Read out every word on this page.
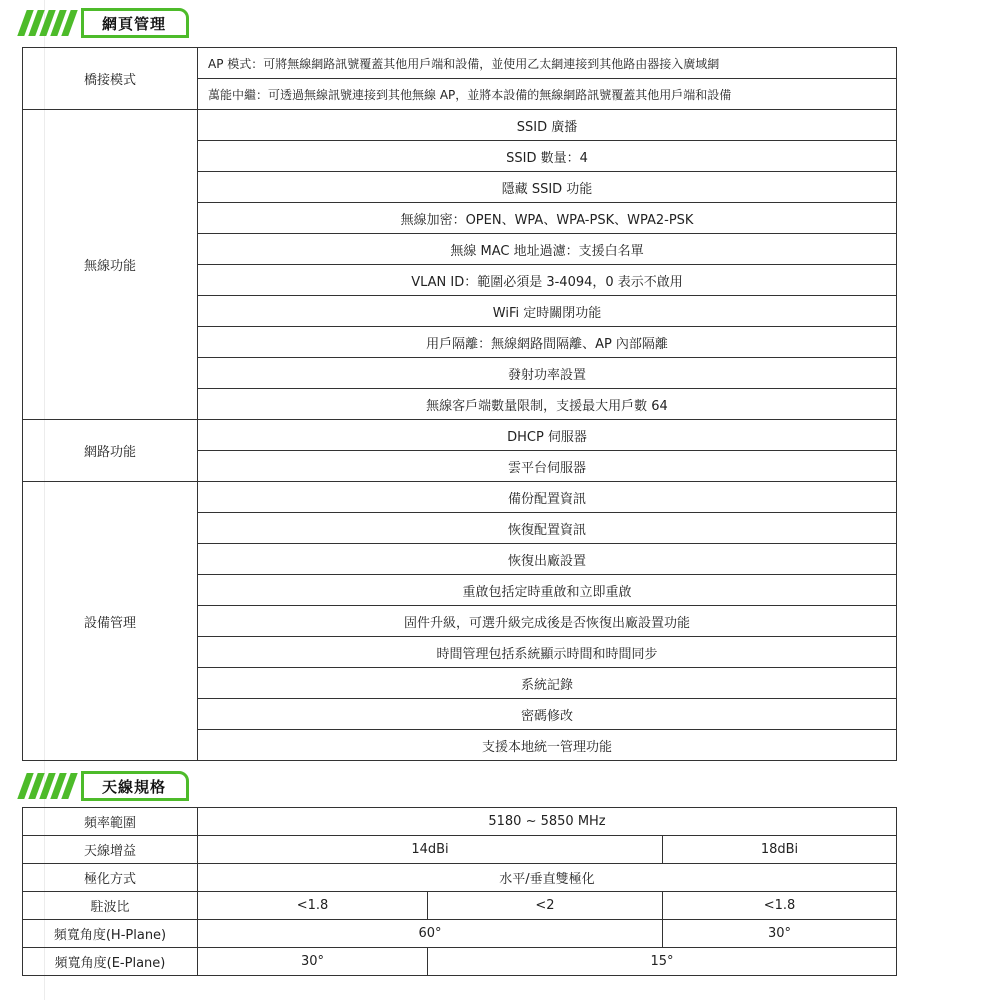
網頁管理
橋接模式	AP 模式：可將無線網路訊號覆蓋其他用戶端和設備，並使用乙太網連接到其他路由器接入廣域網
	萬能中繼：可透過無線訊號連接到其他無線 AP，並將本設備的無線網路訊號覆蓋其他用戶端和設備
無線功能	SSID 廣播
	SSID 數量：4
	隱藏 SSID 功能
	無線加密：OPEN、WPA、WPA-PSK、WPA2-PSK
	無線 MAC 地址過濾：支援白名單
	VLAN ID：範圍必須是 3-4094，0 表示不啟用
	WiFi 定時關閉功能
	用戶隔離：無線網路間隔離、AP 內部隔離
	發射功率設置
	無線客戶端數量限制，支援最大用戶數 64
網路功能	DHCP 伺服器
	雲平台伺服器
設備管理	備份配置資訊
	恢復配置資訊
	恢復出廠設置
	重啟包括定時重啟和立即重啟
	固件升級，可選升級完成後是否恢復出廠設置功能
	時間管理包括系統顯示時間和時間同步
	系統記錄
	密碼修改
	支援本地統一管理功能
天線規格
頻率範圍	5180 ~ 5850 MHz		
天線增益	14dBi		18dBi
極化方式	水平/垂直雙極化		
駐波比	<1.8	<2	<1.8
頻寬角度(H-Plane)	60°		30°
頻寬角度(E-Plane)	30°	15°	
